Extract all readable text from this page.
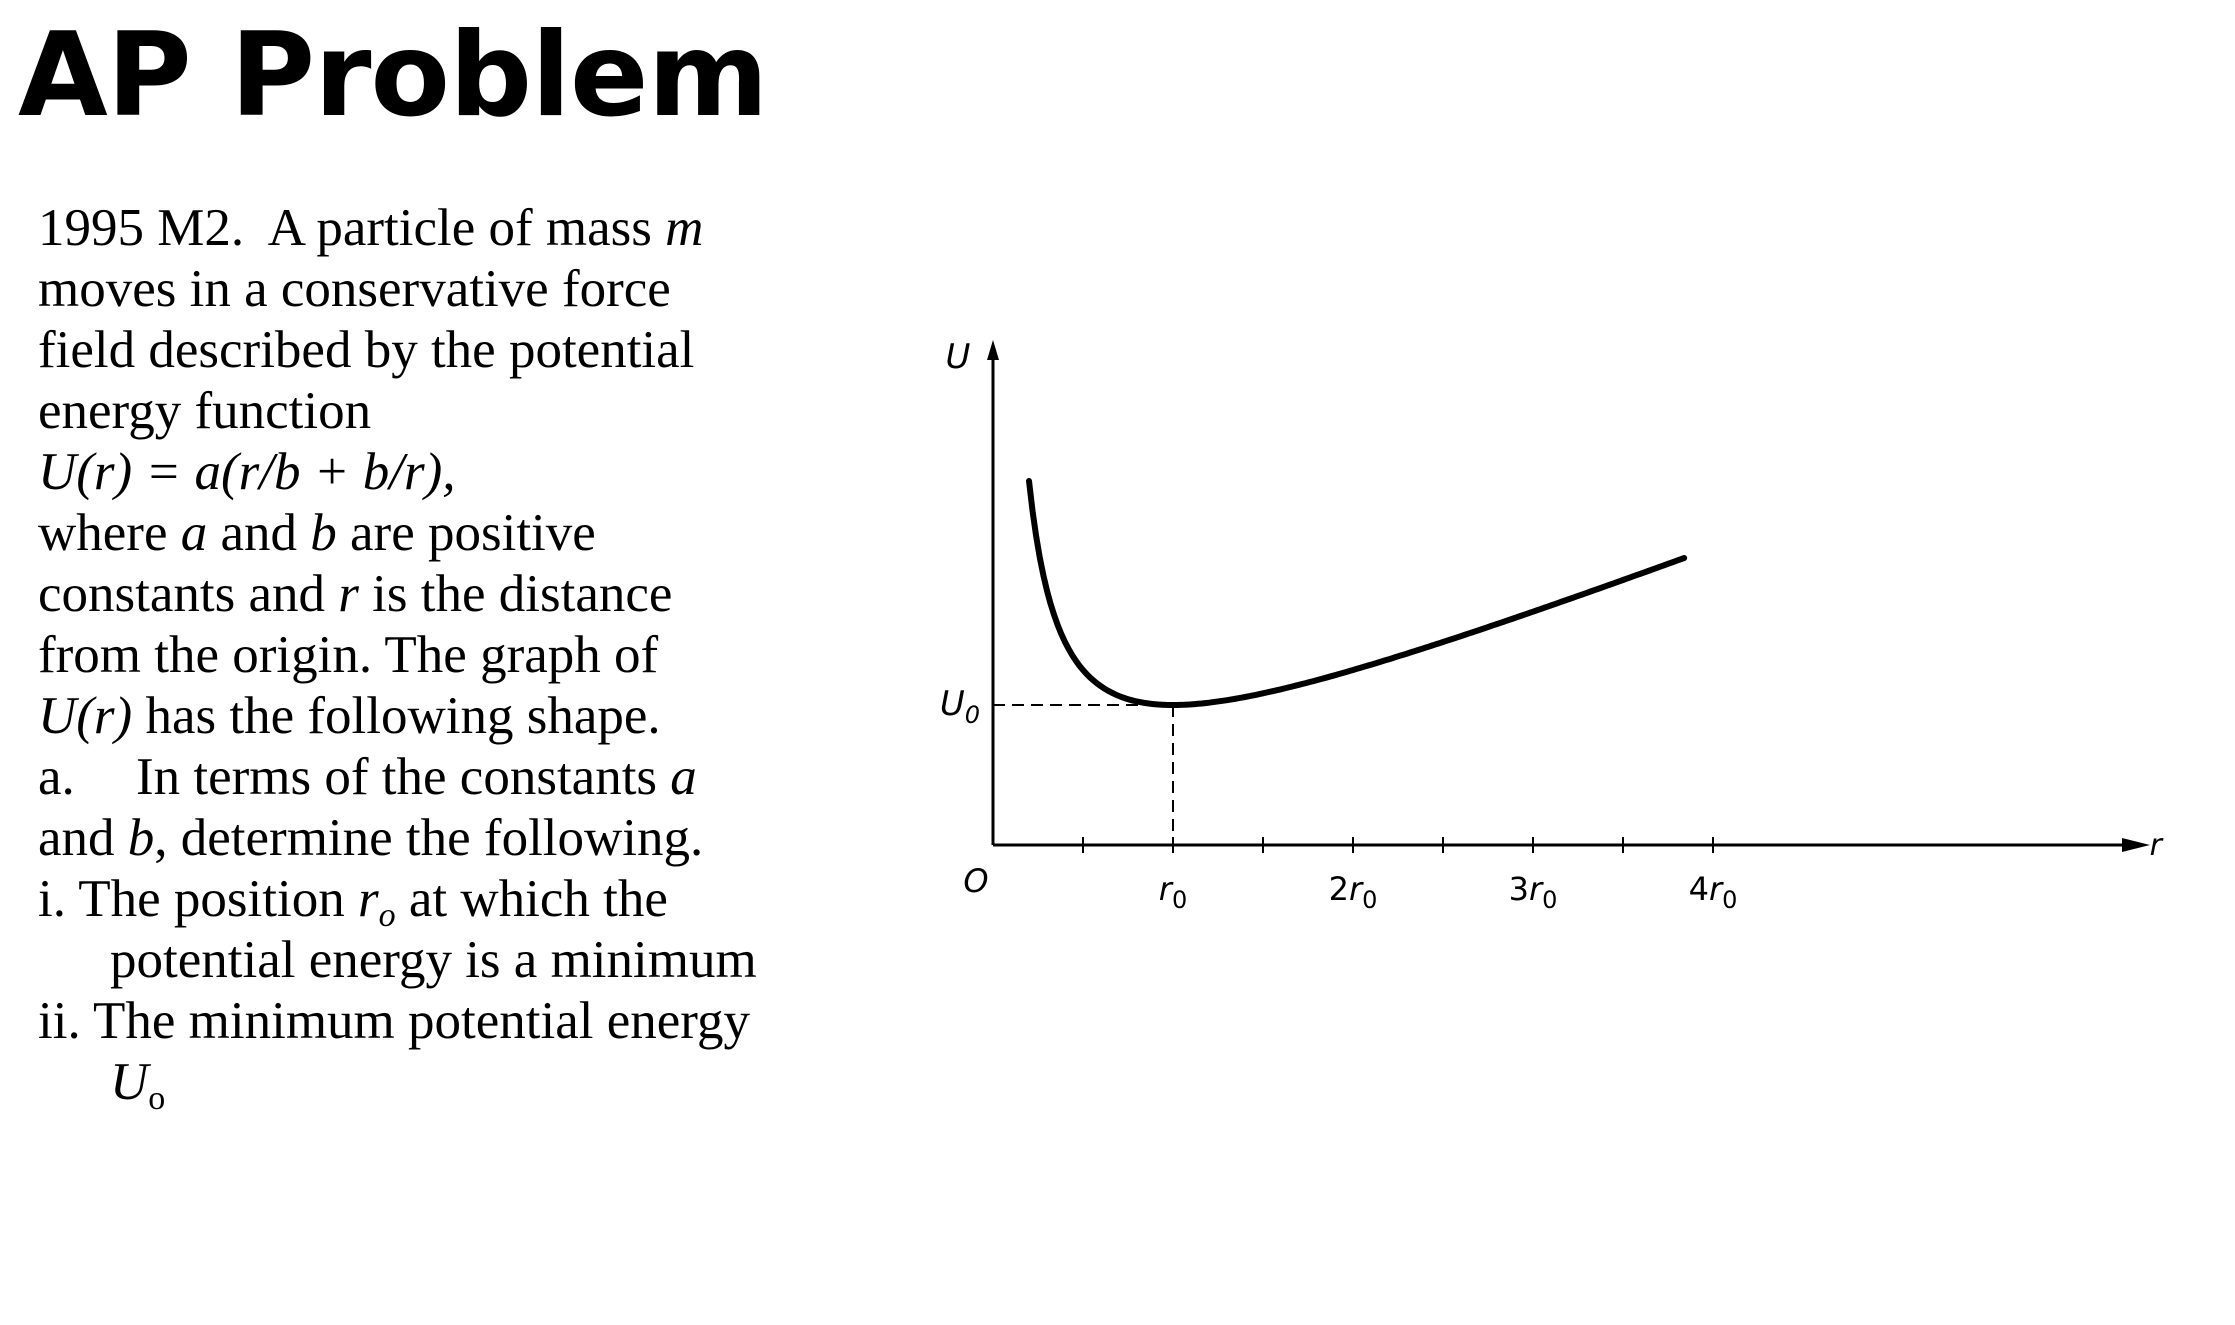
AP Problem

1995 M2. A particle of mass m moves in a conservative force field described by the potential energy function

U(r) = a(r/b + b/r),

where a and b are positive constants and r is the distance from the origin. The graph of U(r) has the following shape.

a. In terms of the constants a and b, determine the following.

i. The position $r_o$ at which the potential energy is a minimum

ii. The minimum potential energy $U_o$

U
r
O
$U_0$
$r_0$	$2r_0$	$3r_0$	$4r_0$
